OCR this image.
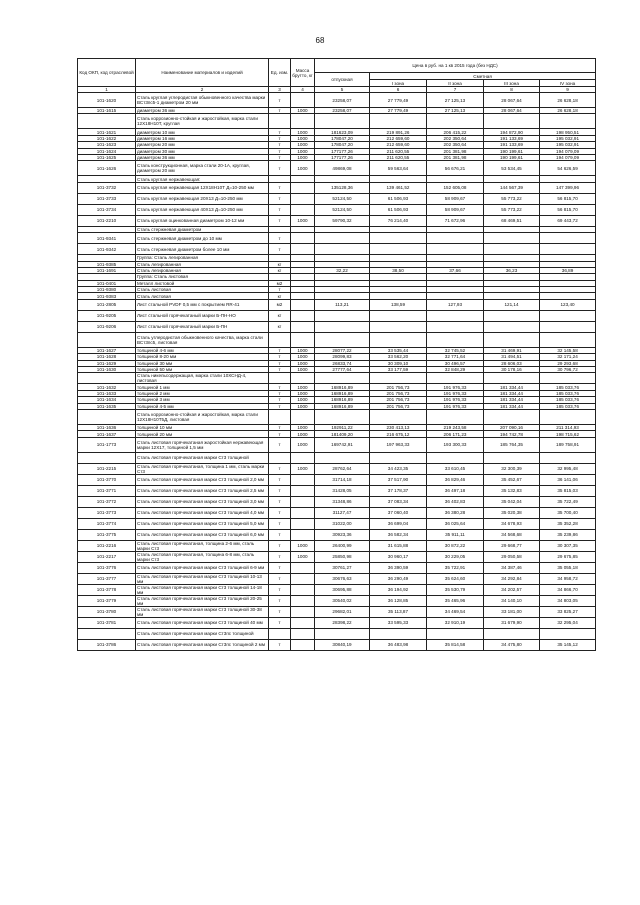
68
Код ОКП, код отраслевой	Наименование материалов и изделий	Ед. изм.	Масса брутто, кг	Цена в руб. на 1 кв 2015 года (без НДС)				
				отпускная	Сметная			
					I зона	II зона	III зона	IV зона
1	2	3	4	5	6	7	8	9
101-1620	Сталь круглая углеродистая обыкновенного качества марки ВСт3пс5-1 диаметром 20 мм	т		23258,07	27 779,49	27 125,13	28 067,64	26 628,18
101-1615	диаметром 36 мм	т	1000	23258,07	27 779,49	27 125,13	28 067,64	26 628,18
	Сталь коррозионно-стойкая и жаростойкая, марка стали 12Х18Н10Т, круглая							
101-1621	диаметром 10 мм	т	1000	181623,09	219 891,26	206 415,22	194 872,90	198 950,51
101-1622	диаметром 16 мм	т	1000	178047,20	212 659,60	202 350,64	191 133,69	195 032,91
101-1623	диаметром 20 мм	т	1000	178047,20	212 659,60	202 350,64	191 133,69	195 032,91
101-1624	диаметром 30 мм	т	1000	177177,26	211 620,55	201 381,98	190 199,61	194 079,09
101-1625	диаметром 36 мм	т	1000	177177,26	211 620,55	201 381,98	190 199,61	194 079,09
101-1626	Сталь конструкционная, марка стали 20-1А, круглая, диаметром 20 мм	т	1000	49869,08	59 563,64	56 676,21	53 534,45	54 626,59
	Сталь круглая нержавеющая:							
101-3732	Сталь круглая нержавеющая 12Х18Н10Т Д=10-250 мм	т		135128,36	139 461,52	152 605,08	144 567,39	147 399,96
101-3733	Сталь круглая нержавеющая 20Х13 Д=10-250 мм	т		52124,50	61 506,93	58 909,67	55 773,22	56 815,70
101-3734	Сталь круглая нержавеющая 40Х13 Д=10-250 мм	т		52124,50	61 506,93	58 909,67	55 773,22	56 815,70
101-2210	Сталь круглая оцинкованная диаметром 10-12 мм	т	1000	59790,32	76 214,40	71 672,96	68 469,51	69 443,72
	Сталь стержневая диаметром							
101-9341	Сталь стержневая диаметром до 10 мм	т						
101-9342	Сталь стержневая диаметром более 10 мм	т						
	Группа: Сталь легированная							
101-9385	Сталь легированная	кг						
101-1691	Сталь легированная	кг		32,22	38,50	37,66	36,23	36,89
	Группа: Сталь листовая							
101-0401	Металл листовой	м2						
101-9380	Сталь листовая	т						
101-9383	Сталь листовая	кг						
101-2805	Лист стальной PVDF 0,5 мм с покрытием RR-41	м2		113,21	138,59	127,93	121,14	123,40
101-9205	Лист стальной горячекатаный марки Б-ПН-НО	кг						
101-9206	Лист стальной горячекатаный марки Б-ПН	кг						
	Сталь углеродистая обыкновенного качества, марка стали ВСт3пс5, листовая							
101-1627	толщиной 4-6 мм	т	1000	28077,22	33 535,44	32 745,52	31 469,91	32 145,58
101-1628	толщиной 8-20 мм	т	1000	28099,83	33 562,20	32 771,64	31 494,51	32 171,24
101-1629	толщиной 30 мм	т	1000	26833,74	30 309,10	30 496,57	28 606,03	29 293,68
101-1630	толщиной 50 мм	т	1000	27777,64	33 177,59	32 848,29	30 178,16	30 796,72
	Сталь никельсодержащая, марка стали 10ХСНД-4, листовая							
101-1632	толщиной 1 мм	т	1000	168916,89	201 756,73	191 976,33	181 334,44	185 033,76
101-1633	толщиной 2 мм	т	1000	168916,89	201 756,73	191 976,33	181 334,44	185 033,76
101-1634	толщиной 3 мм	т	1000	168916,89	201 756,73	191 976,33	181 334,44	185 033,76
101-1635	толщиной 4-5 мм	т	1000	168916,89	201 756,73	191 976,33	181 334,44	185 033,76
	Сталь коррозионно-стойкая и жаростойкая, марка стали 12Х18Н10Т5Д, листовая							
101-1636	толщиной 10 мм	т	1000	192911,22	230 413,13	219 243,58	207 090,16	211 314,93
101-1637	толщиной 20 мм	т	1000	181409,20	216 675,12	206 171,23	194 742,78	198 715,62
101-1773	Сталь листовая горячекатаная жаростойкая нержавеющая марки 12Х17, толщиной 1,5 мм	т	1000	169742,91	197 963,33	193 300,33	185 764,35	189 758,91
	Сталь листовая горячекатаная марки Ст3 толщиной							
101-2215	Сталь листовая горячекатаная, толщина 1 мм, сталь марки Ст3	т	1000	28762,64	34 423,35	33 610,45	32 300,39	32 995,48
101-3770	Сталь листовая горячекатаная марки Ст3 толщиной 2,0 мм	т		31714,18	37 517,90	36 829,46	35 452,67	36 141,06
101-3771	Сталь листовая горячекатаная марки Ст3 толщиной 2,5 мм	т		31428,05	37 178,37	36 497,18	35 132,83	35 815,03
101-3772	Сталь листовая горячекатаная марки Ст3 толщиной 3,0 мм	т		31348,86	37 083,34	36 402,83	35 042,04	35 722,49
101-3773	Сталь листовая горячекатаная марки Ст3 толщиной 4,0 мм	т		31127,47	37 060,40	36 380,28	35 020,38	35 700,40
101-3774	Сталь листовая горячекатаная марки Ст3 толщиной 5,0 мм	т		31022,00	36 699,04	36 025,64	34 678,93	35 352,28
101-3775	Сталь листовая горячекатаная марки Ст3 толщиной 6,0 мм	т		30923,36	36 582,34	35 911,11	34 568,68	35 239,86
101-2216	Сталь листовая горячекатаная, толщина 2-6 мм, сталь марки Ст3	т	1000	26400,99	31 615,88	30 872,22	29 668,77	30 307,35
101-2217	Сталь листовая горячекатаная, толщина 6-8 мм, сталь марки Ст3	т	1000	25850,98	30 960,17	30 229,05	29 050,58	29 675,85
101-3776	Сталь листовая горячекатаная марки Ст3 толщиной 6-9 мм	т		30761,27	36 390,59	35 722,91	34 387,46	35 055,18
101-3777	Сталь листовая горячекатаная марки Ст3 толщиной 10-13 мм	т		30676,63	36 290,49	35 624,60	34 292,84	34 958,72
101-3778	Сталь листовая горячекатаная марки Ст3 толщиной 14-18 мм	т		30695,88	36 194,92	35 530,79	34 202,57	34 866,70
101-3779	Сталь листовая горячекатаная марки Ст3 толщиной 20-25 мм	т		30540,02	36 128,85	35 465,96	34 140,10	34 803,05
101-3780	Сталь листовая горячекатаная марки Ст3 толщиной 30-38 мм	т		29682,01	35 113,87	34 469,54	33 181,00	33 825,27
101-3781	Сталь листовая горячекатаная марки Ст3 толщиной 40 мм	т		28398,22	33 595,33	32 910,19	31 679,90	32 295,04
	Сталь листовая горячекатаная марки Ст3пс толщиной							
101-3786	Сталь листовая горячекатаная марки Ст3пс толщиной 2 мм	т		30840,19	36 483,98	35 814,58	34 475,80	35 145,12
